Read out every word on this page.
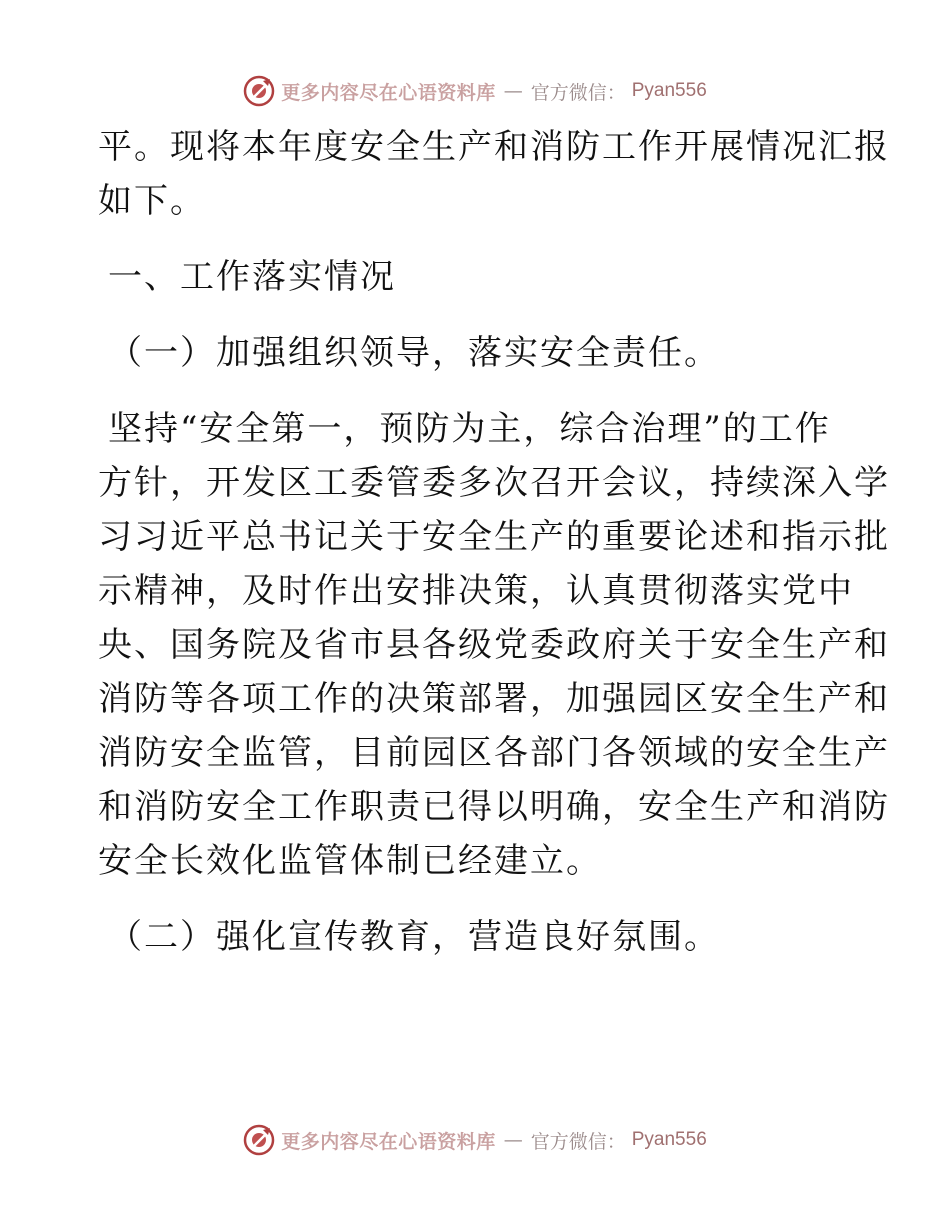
更多内容尽在心语资料库 — 官方微信： Pyan556
平。现将本年度安全生产和消防工作开展情况汇报
如下。
一、工作落实情况
（一）加强组织领导，落实安全责任。
坚持“安全第一，预防为主，综合治理”的工作
方针，开发区工委管委多次召开会议，持续深入学
习习近平总书记关于安全生产的重要论述和指示批
示精神，及时作出安排决策，认真贯彻落实党中
央、国务院及省市县各级党委政府关于安全生产和
消防等各项工作的决策部署，加强园区安全生产和
消防安全监管，目前园区各部门各领域的安全生产
和消防安全工作职责已得以明确，安全生产和消防
安全长效化监管体制已经建立。
（二）强化宣传教育，营造良好氛围。
更多内容尽在心语资料库 — 官方微信： Pyan556
